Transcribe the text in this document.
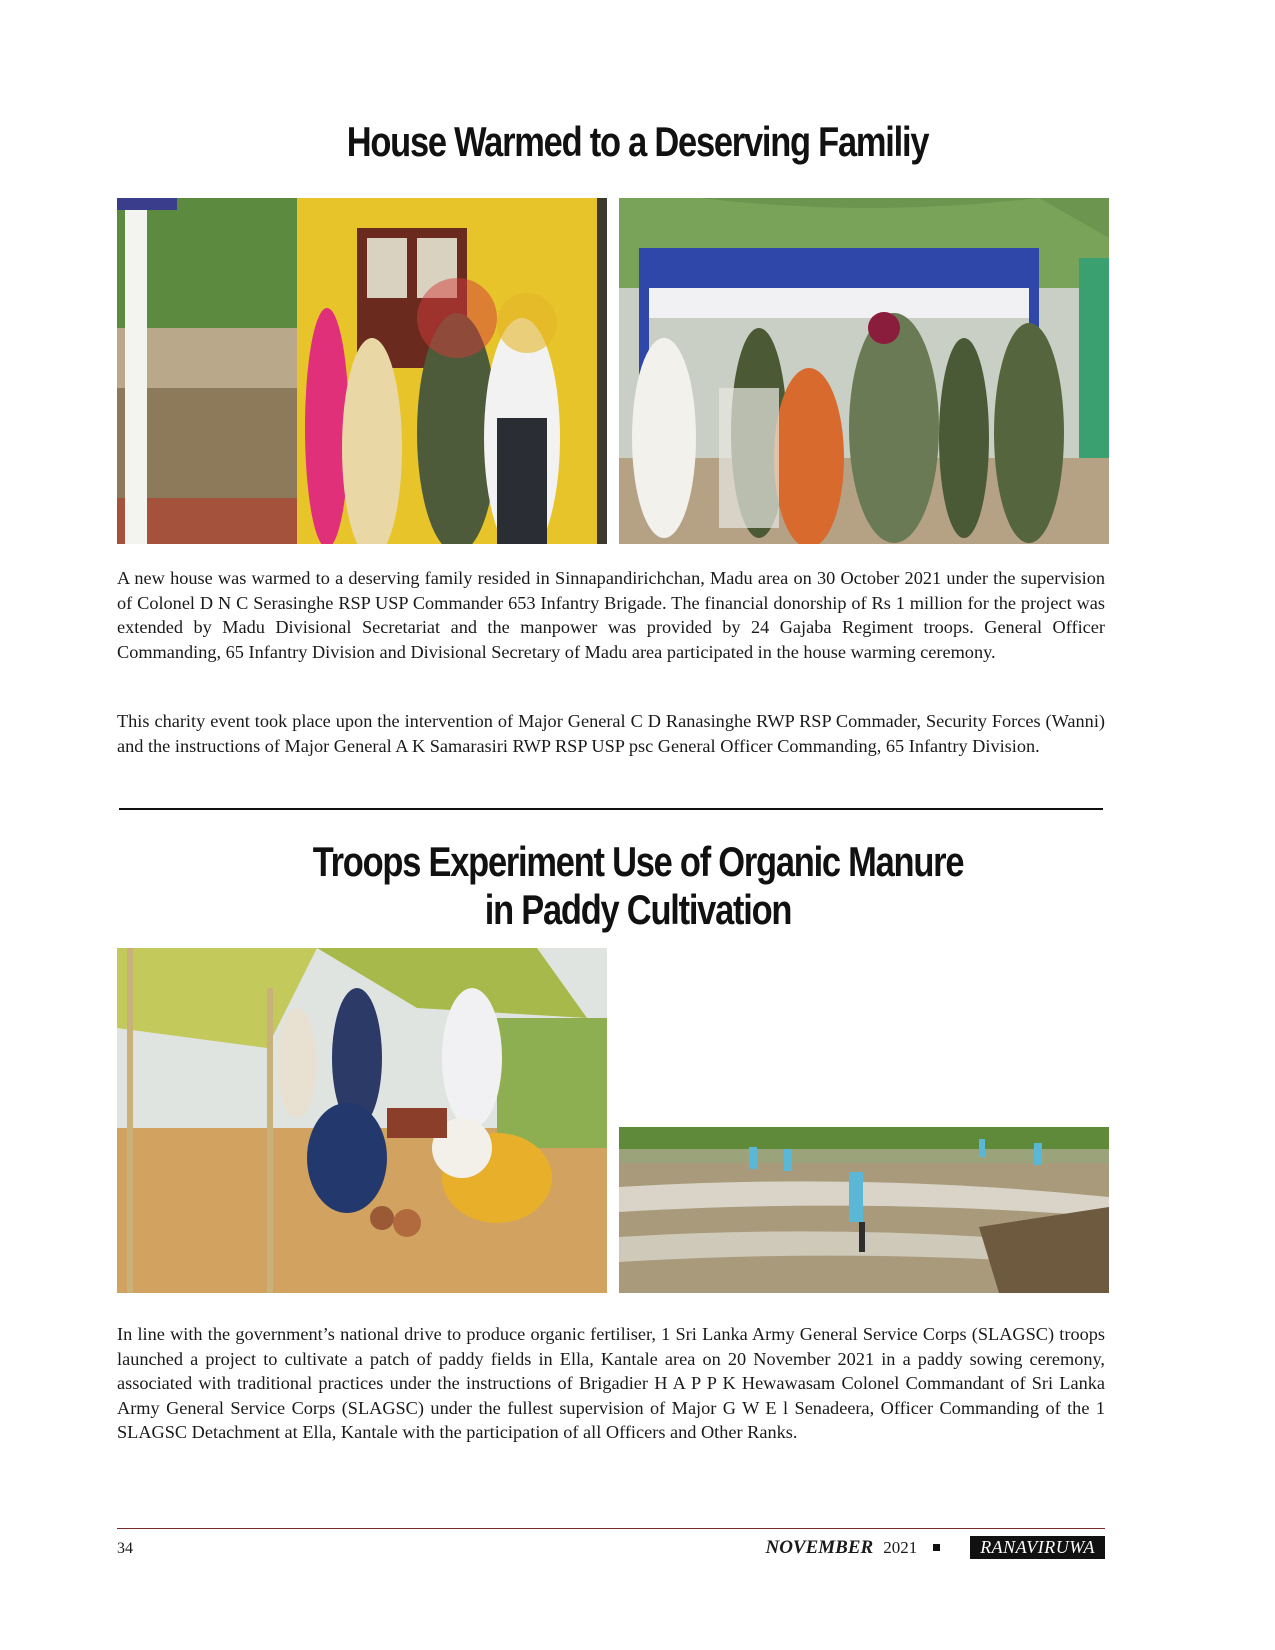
House Warmed to a Deserving Familiy

A new house was warmed to a deserving family resided in Sinnapandirichchan, Madu area on 30 October 2021 under the supervision of Colonel D N C Serasinghe RSP USP Commander 653 Infantry Brigade. The financial donorship of Rs 1 million for the project was extended by Madu Divisional Secretariat and the manpower was provided by 24 Gajaba Regiment troops. General Officer Commanding, 65 Infantry Division and Divisional Secretary of Madu area participated in the house warming ceremony.

This charity event took place upon the intervention of Major General C D Ranasinghe RWP RSP Commader, Security Forces (Wanni) and the instructions of Major General A K Samarasiri RWP RSP USP psc General Officer Commanding, 65 Infantry Division.

Troops Experiment Use of Organic Manure in Paddy Cultivation

In line with the government’s national drive to produce organic fertiliser, 1 Sri Lanka Army General Service Corps (SLAGSC) troops launched a project to cultivate a patch of paddy fields in Ella, Kantale area on 20 November 2021 in a paddy sowing ceremony, associated with traditional practices under the instructions of Brigadier H A P P K Hewawasam Colonel Commandant of Sri Lanka Army General Service Corps (SLAGSC) under the fullest supervision of Major G W E l Senadeera, Officer Commanding of the 1 SLAGSC Detachment at Ella, Kantale with the participation of all Officers and Other Ranks.

34	NOVEMBER 2021	RANAVIRUWA
